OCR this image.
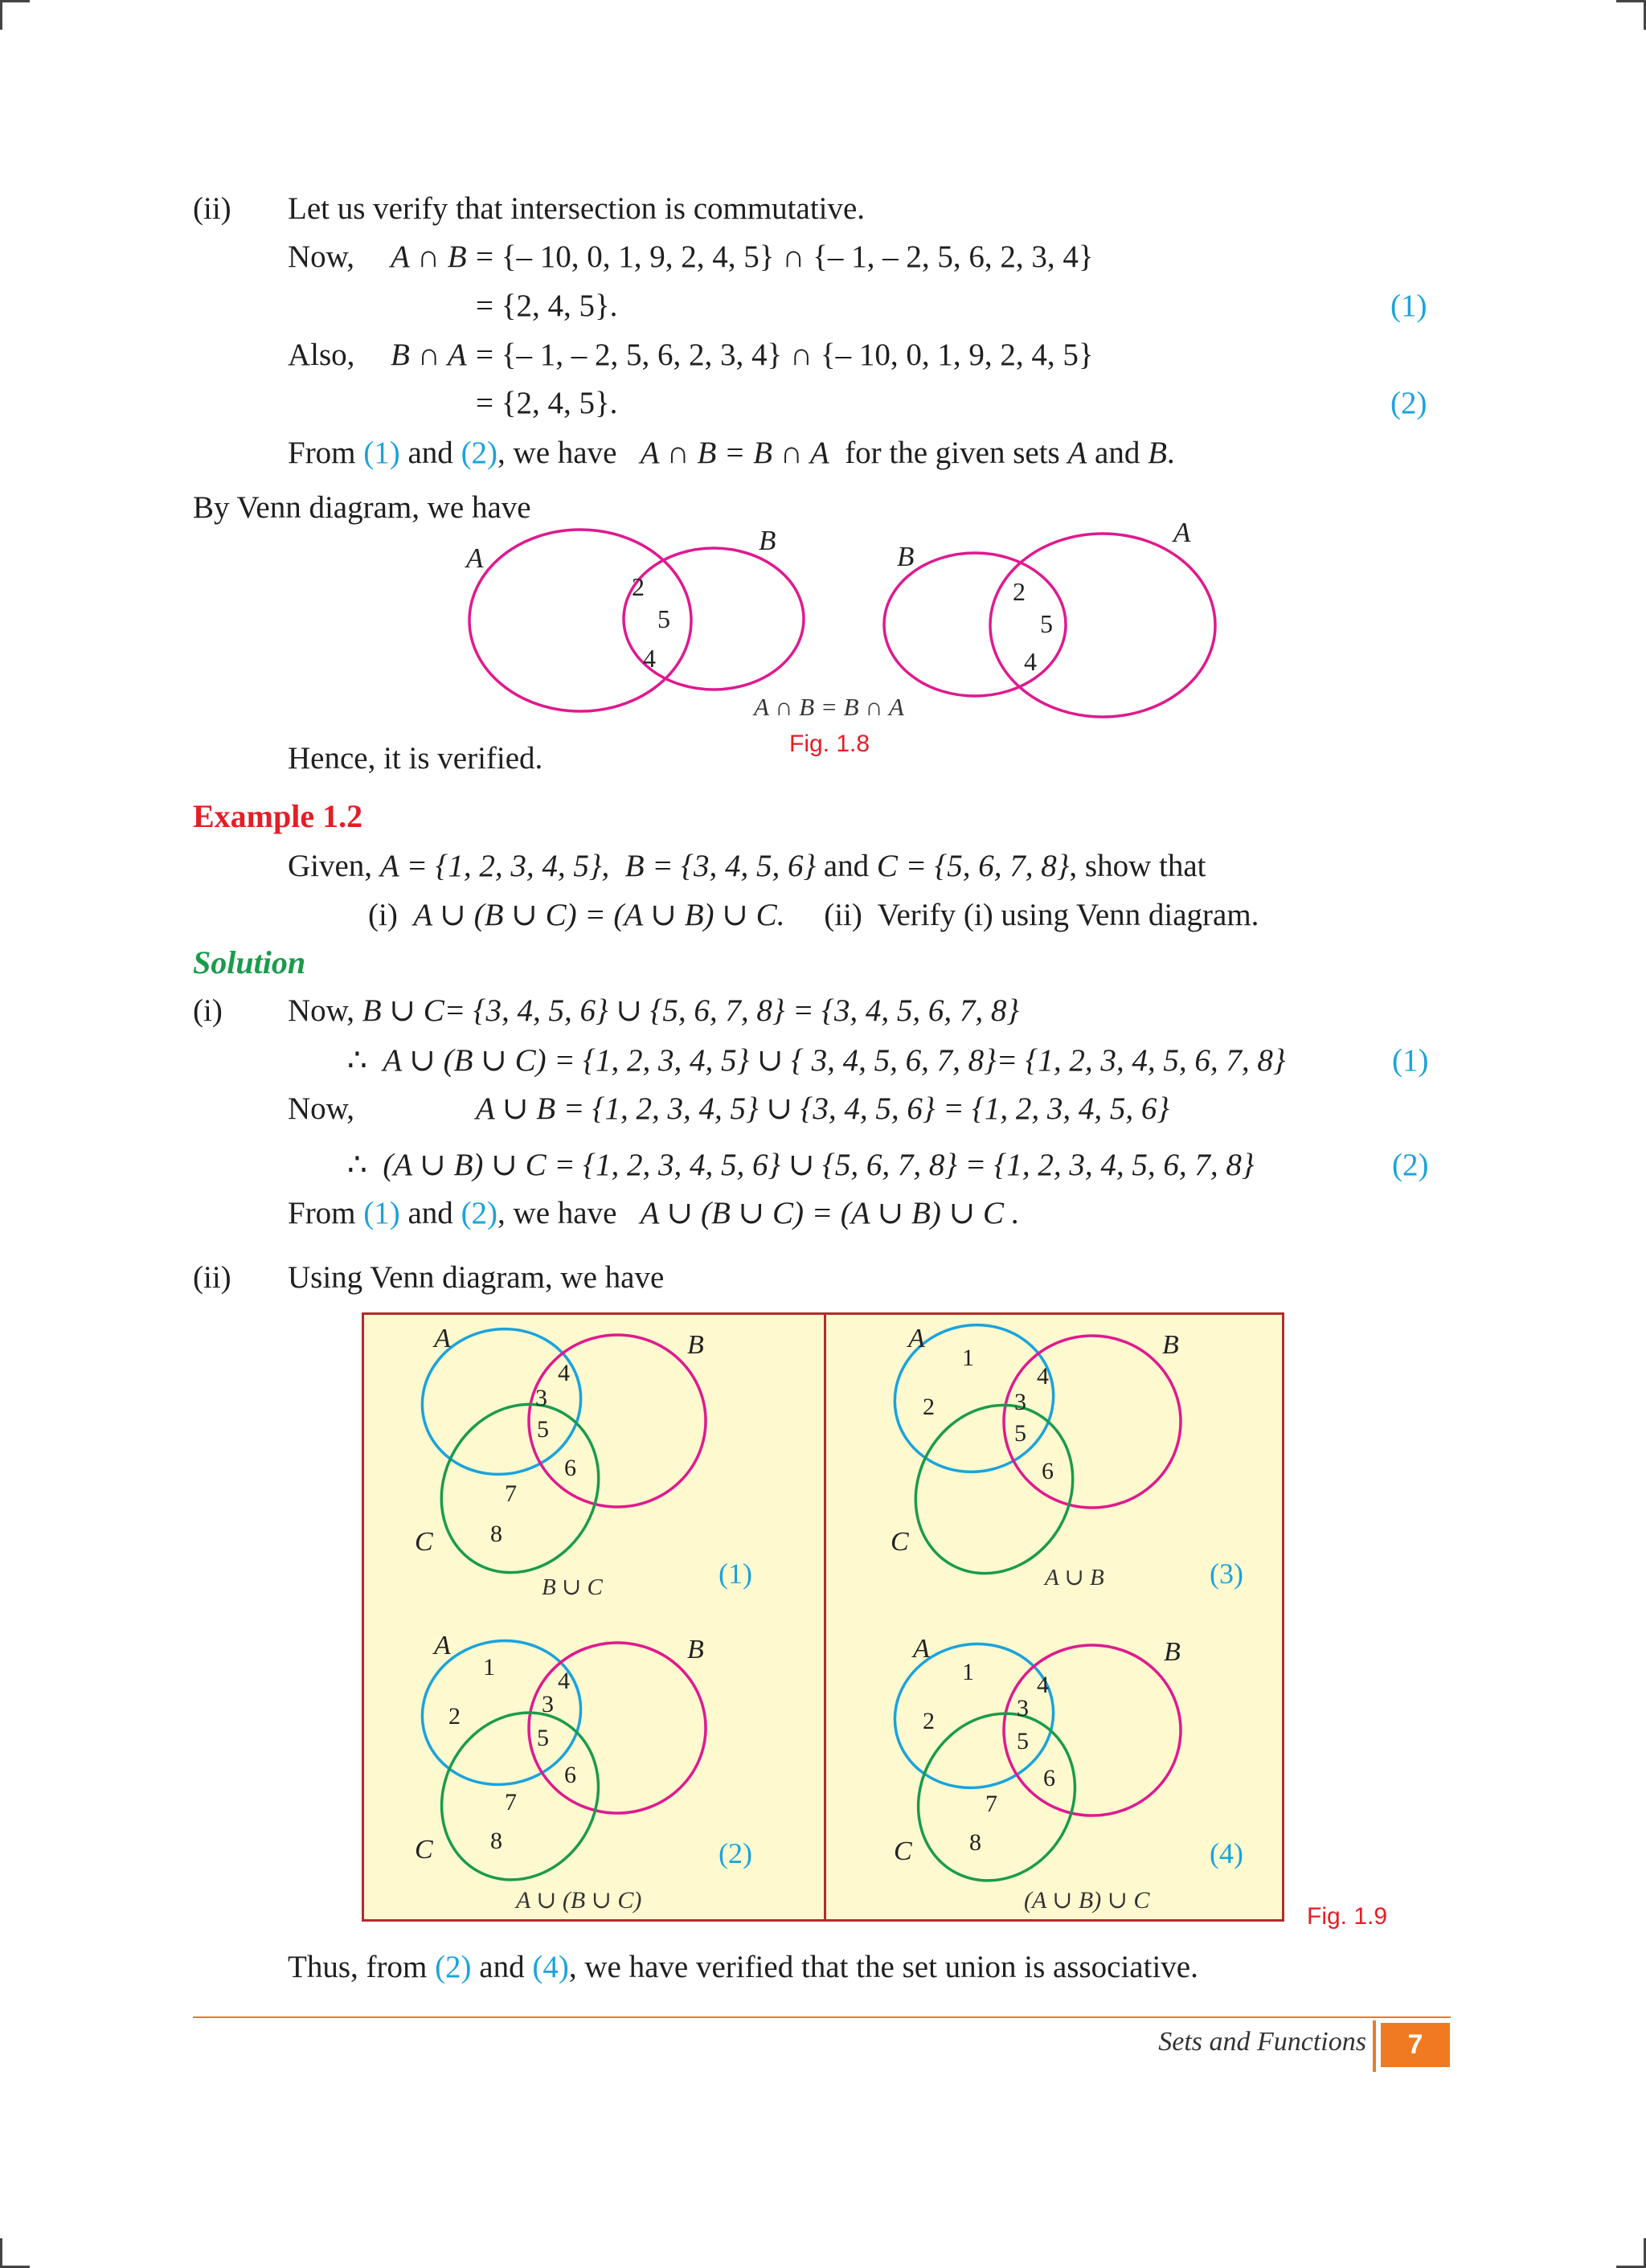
(ii) Let us verify that intersection is commutative.
Now, A ∩ B = {– 10, 0, 1, 9, 2, 4, 5} ∩ {– 1, – 2, 5, 6, 2, 3, 4}
= {2, 4, 5}.	(1)
Also, B ∩ A = {– 1, – 2, 5, 6, 2, 3, 4} ∩ {– 10, 0, 1, 9, 2, 4, 5}
= {2, 4, 5}.	(2)
From (1) and (2), we have A ∩ B = B ∩ A for the given sets A and B.
By Venn diagram, we have
A
B
2
5
4
B
A
2
5
4
A ∩ B = B ∩ A
Fig. 1.8
Hence, it is verified.
Example 1.2
Given, A = {1, 2, 3, 4, 5}, B = {3, 4, 5, 6} and C = {5, 6, 7, 8}, show that
(i) A ∪ (B ∪ C) = (A ∪ B) ∪ C. (ii) Verify (i) using Venn diagram.
Solution
(i) Now, B ∪ C= {3, 4, 5, 6} ∪ {5, 6, 7, 8} = {3, 4, 5, 6, 7, 8}
∴ A ∪ (B ∪ C) = {1, 2, 3, 4, 5} ∪ { 3, 4, 5, 6, 7, 8}= {1, 2, 3, 4, 5, 6, 7, 8}	(1)
Now,	A ∪ B = {1, 2, 3, 4, 5} ∪ {3, 4, 5, 6} = {1, 2, 3, 4, 5, 6}
∴ (A ∪ B) ∪ C = {1, 2, 3, 4, 5, 6} ∪ {5, 6, 7, 8} = {1, 2, 3, 4, 5, 6, 7, 8}	(2)
From (1) and (2), we have A ∪ (B ∪ C) = (A ∪ B) ∪ C .
(ii) Using Venn diagram, we have
A	B
C
4
3
5
6
7
8
B ∪ C	(1)
A	B
C
1
2
4
3
5
6
A ∪ B	(3)
A	B
C
1
2
4
3
5
6
7
8
A ∪ (B ∪ C)
(2)
A	B
C
1
2
4
3
5
6
7
8
(A ∪ B) ∪ C
(4)
Fig. 1.9
Thus, from (2) and (4), we have verified that the set union is associative.
Sets and Functions	7
